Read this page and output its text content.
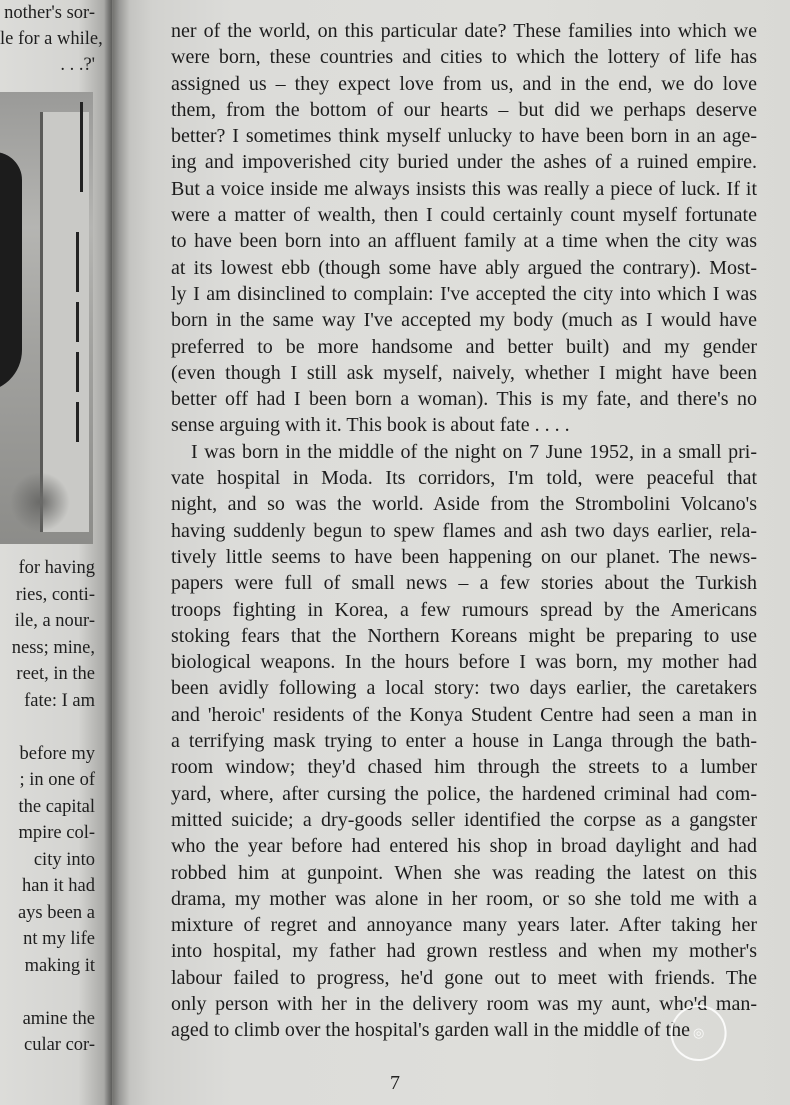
nother's sor-
le for a while,
. . .?'
for having
ries, conti-
ile, a nour-
ness; mine,
reet, in the
fate: I am
before my
; in one of
the capital
mpire col-
city into
han it had
ays been a
nt my life
making it
amine the
cular cor-
ner of the world, on this particular date? These families into which we
were born, these countries and cities to which the lottery of life has
assigned us – they expect love from us, and in the end, we do love
them, from the bottom of our hearts – but did we perhaps deserve
better? I sometimes think myself unlucky to have been born in an age-
ing and impoverished city buried under the ashes of a ruined empire.
But a voice inside me always insists this was really a piece of luck. If it
were a matter of wealth, then I could certainly count myself fortunate
to have been born into an affluent family at a time when the city was
at its lowest ebb (though some have ably argued the contrary). Most-
ly I am disinclined to complain: I've accepted the city into which I was
born in the same way I've accepted my body (much as I would have
preferred to be more handsome and better built) and my gender
(even though I still ask myself, naively, whether I might have been
better off had I been born a woman). This is my fate, and there's no
sense arguing with it. This book is about fate . . . .
I was born in the middle of the night on 7 June 1952, in a small pri-
vate hospital in Moda. Its corridors, I'm told, were peaceful that
night, and so was the world. Aside from the Strombolini Volcano's
having suddenly begun to spew flames and ash two days earlier, rela-
tively little seems to have been happening on our planet. The news-
papers were full of small news – a few stories about the Turkish
troops fighting in Korea, a few rumours spread by the Americans
stoking fears that the Northern Koreans might be preparing to use
biological weapons. In the hours before I was born, my mother had
been avidly following a local story: two days earlier, the caretakers
and 'heroic' residents of the Konya Student Centre had seen a man in
a terrifying mask trying to enter a house in Langa through the bath-
room window; they'd chased him through the streets to a lumber
yard, where, after cursing the police, the hardened criminal had com-
mitted suicide; a dry-goods seller identified the corpse as a gangster
who the year before had entered his shop in broad daylight and had
robbed him at gunpoint. When she was reading the latest on this
drama, my mother was alone in her room, or so she told me with a
mixture of regret and annoyance many years later. After taking her
into hospital, my father had grown restless and when my mother's
labour failed to progress, he'd gone out to meet with friends. The
only person with her in the delivery room was my aunt, who'd man-
aged to climb over the hospital's garden wall in the middle of the
7
◎
